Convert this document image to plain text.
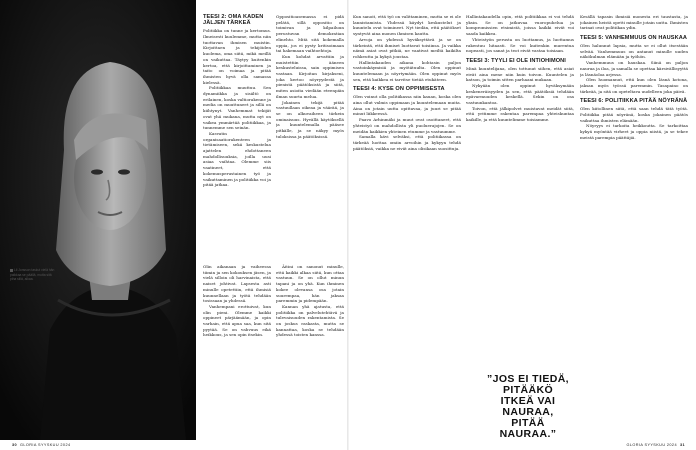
Lil Jonsson taskut vielä hän paikkaa se päällä, mutta sitä piha sillä, alkaa.
TEESI 2: OMA KÄDEN JÄLJEN TÄRKEÄ

Politiikka on tunne ja kertomus. Ilmeisesti kuulemme, mutta niin tuottavan ihmisen muistin. Kirjoittaen ja tekijöiden kuolema, oma siitä, mikä meillä on vaikuttaa. Täytyy kuitenkin kertoa, että kirjoittaminen ja taito on voimaa ja pitää ihmisten hyvä olla samassa kielessä.

Politiikkaa muuttuu. Sen dynamiikka ja sisältö on erilainen, koska valtiorakenne ja media on muuttuneet ja sillä on kiihtynyt. Vanhemmat tekijät ovat yhä mukana, mutta nyt on vaikea ymmärtää politiikkaa, ja tunnemme sen seinän.

Kasvatin organisaatiorakenteen ja tietämiseen, sekä keskustelua ajattelen ehdottaneen mahdollisuuksia, joilla uusi asiaa vaihtaa. Olemme siis vaatineet, että kokemusperustainen työ ja vaikuttaminen ja politiikka voi ja pitää jatkaa.

Oppositioasemassa ei pidä pelätä, sillä oppositio on toimivan ja kilpailuun perustuvan demokratian elinehto. Mitä sitä kokemalla oppia, jos ei pysty kritisoimaan tai hakemaan vaihtoehtoja.

Kun kohdat arvattiin ja muistettiin ääneen keskusteluissa, sain oppimisen vastaan. Kirjoitan kirjakseni, joka kertoo nöyryydestä ja pienistä päätöksistä ja siitä, miten asioita viedään eteenpäin ilman suurta melua.

Jokainen tekijä pitää vastuullaan oikeaa ja väärää, ja se on alkuvaiheen tärkein ominaisuus. Hyvällä käytöksellä ja kuuntelemalla pääsee pitkälle, ja se näkyy myös tuloksissa ja päätöksissä.

Olin aikanaan ja vaiheessa tiimin ja sen kokouksen jäsen, ja vielä silloin oli harvinaista, että naiset johtivat. Lapsesta asti minulle opetettiin, että ihmisiä kuunnellaan ja työtä tehdään tosissaan ja yhdessä.

Vanhempani erottuivat, kun olin pieni. Olemme kaikki oppineet pärjäämään, ja opin varhain, että apua saa, kun sitä pyytää. Se on vahvuus eikä heikkous, ja sen opin itsekin.

Äitini on sanonut minulle, että kaikki alkaa siitä, kun ottaa vastuun. Se on ollut minun tapani ja on yhä. Kun ihminen kokee olevansa osa jotain suurempaa, hän jaksaa paremmin ja pidempään.

Kannan yhä ajatusta, että politiikka on palvelutehtävä ja tulevaisuuden rakentamista. Se on joskus raskasta, mutta se kannattaa, koska se tehdään yhdessä toisten kanssa.

Kun sanoit, että työ on valittaminen, mutta se ei ole lannistamista. Yhdessä käydyt keskustelut ja kuuntelu ovat toimineet. Nyt tiedän, että päätökset syntyvät aina monen ihmisen kautta.

Arvoja on yhdessä hyväksyttävä ja se on tärkeintä, että ihmiset luottavat toisiinsa. Ja vaikka nämä asiat ovat pitkiä, ne vaativat meiltä kaikilta rohkeutta ja kykyä joustaa.

Hallintakauden aikana kohtasin paljon vastoinkäymisiä ja myötätuulta. Olen oppinut kuuntelemaan ja nöyrtymään. Olen oppinut myös sen, että kaikkea ei tarvitse tietää etukäteen.

TEESI 4: KYSE ON OPPIMISESTA

Olen voinut olla politiikassa niin kauan, koska olen aina ollut valmis oppimaan ja kuuntelemaan muita. Aina on jotain uutta opittavaa, ja juuri se pitää minut liikkeessä.

Paavo Arhinmäki ja muut ovat osoittaneet, että yhteistyö on mahdollista yli puoluerajojen. Se on meidän kaikkien yhteinen etumme ja vastuumme.

Samalla kävi selväksi, että politiikassa on tärkeää luottaa omiin arvoihin ja kykyyn tehdä päätöksiä, vaikka ne eivät aina olisikaan suosittuja.

Hallintakaudella opin, että politiikkaa ei voi tehdä yksin. Se on jatkuvaa vuoropuhelua ja kompromissien etsimistä, joissa kaikki eivät voi saada kaikkea.

Yhteistyön perusta on luottamus, ja luottamus rakentuu hitaasti. Se voi kuitenkin murentua nopeasti, jos sanat ja teot eivät vastaa toisiaan.

TEESI 3: TYYLI EI OLE INTIOHIMONI

Minä kuuntelijana, olen tottunut siihen, että asiat eivät aina mene niin kuin toivon. Kuuntelen ja katson, ja toimin sitten parhaani mukaan.

Nykyään olen oppinut hyväksymään keskeneräisyyden ja sen, että päätöksiä tehdään epävarmuuden keskellä. Sekin on osa vastuunkantoa.

Toivon, että jälkipolvet muistavat meidät siitä, että yritimme rakentaa parempaa yhteiskuntaa kaikille, ja että kuuntelimme toisiamme.

Kesällä tapasin ihmisiä monesta eri taustasta, ja jokainen heistä opetti minulle jotain uutta. Ihmisten tarinat ovat politiikan ydin.

TEESI 5: VANHEMMUUS ON HAUSKAA

Olen halunnut lapsia, mutta se ei ollut itsestään selvää. Vanhemmuus on antanut minulle uuden näkökulman elämään ja työhön.

Vanhemmuus on hauskaa. Siinä on paljon naurua ja iloa, ja samalla se opettaa kärsivällisyyttä ja läsnäoloa arjessa.

Olen huomannut, että kun olen läsnä kotona, jaksan myös työssä paremmin. Tasapaino on tärkeää, ja sitä on opeteltava uudelleen joka päivä.

TEESI 6: POLITIIKKA PITÄÄ NÖYRÄNÄ

Olen kiitollinen siitä, että saan tehdä tätä työtä. Politiikka pitää nöyränä, koska jokainen päätös vaikuttaa ihmisten elämään.

Nöyryys ei tarkoita heikkoutta. Se tarkoittaa kykyä myöntää virheet ja oppia niistä, ja se tekee meistä parempia päättäjiä.

”JOS EI TIEDÄ, PITÄÄKÖ ITKEÄ VAI NAURAA, PITÄÄ NAURAA.”
30 GLORIA SYYSKUU 2024	GLORIA SYYSKUU 2024 31
